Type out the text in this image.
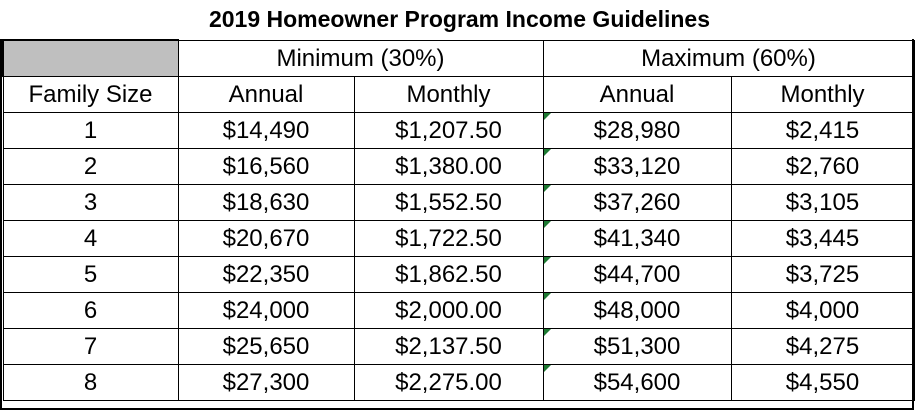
2019 Homeowner Program Income Guidelines
	Minimum (30%)		Maximum (60%)	
Family Size	Annual	Monthly	Annual	Monthly
1	$14,490	$1,207.50	$28,980	$2,415
2	$16,560	$1,380.00	$33,120	$2,760
3	$18,630	$1,552.50	$37,260	$3,105
4	$20,670	$1,722.50	$41,340	$3,445
5	$22,350	$1,862.50	$44,700	$3,725
6	$24,000	$2,000.00	$48,000	$4,000
7	$25,650	$2,137.50	$51,300	$4,275
8	$27,300	$2,275.00	$54,600	$4,550
